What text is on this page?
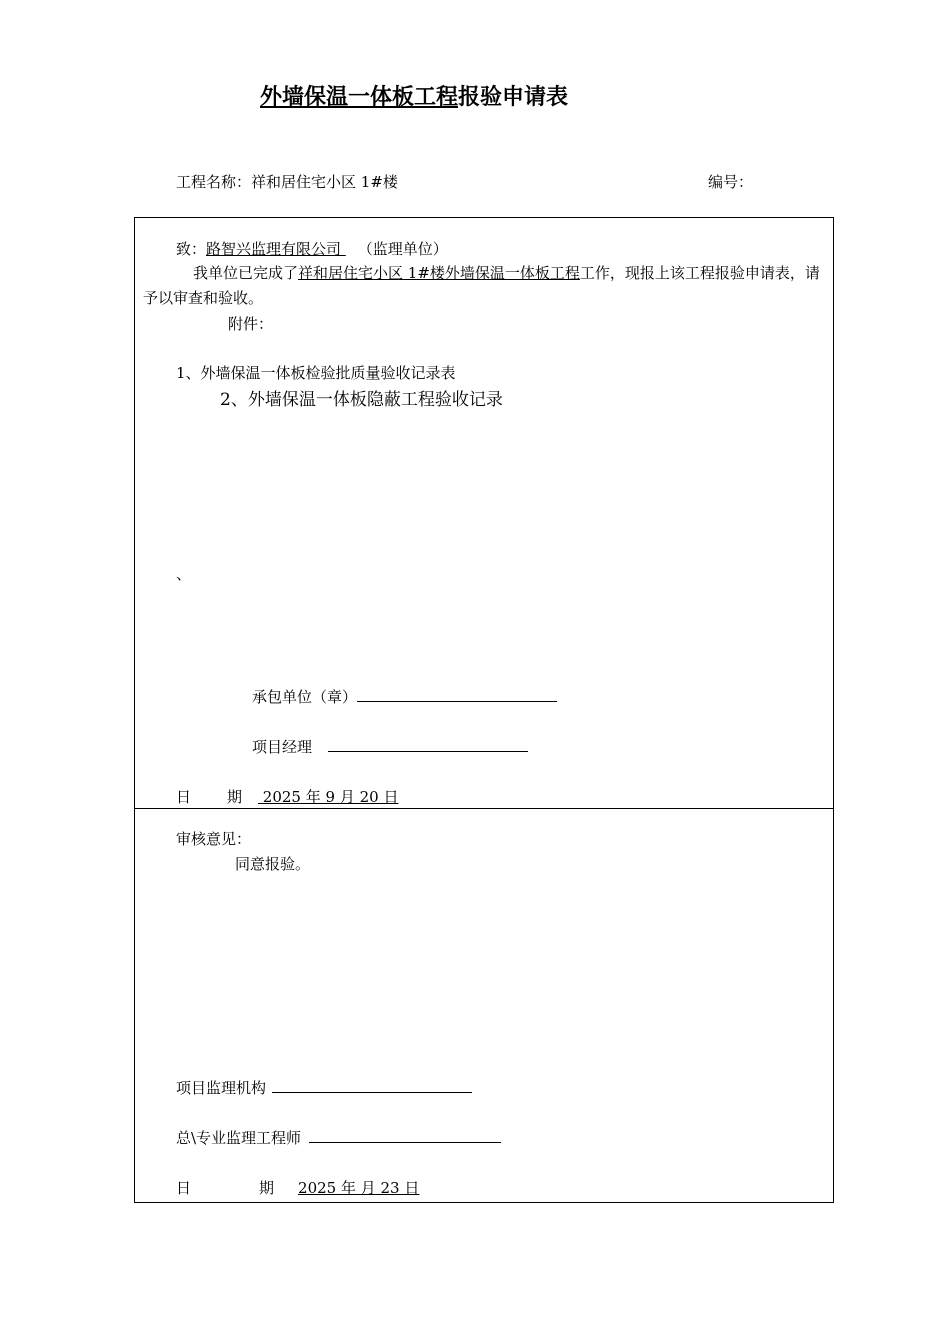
外墙保温一体板工程报验申请表
工程名称：祥和居住宅小区 1#楼	编号：
致：路智兴监理有限公司 （监理单位）
我单位已完成了祥和居住宅小区 1#楼外墙保温一体板工程工作，现报上该工程报验申请表，请予以审查和验收。
附件：
1、外墙保温一体板检验批质量验收记录表
2、外墙保温一体板隐蔽工程验收记录
、
承包单位（章）
项目经理
日 期 2025 年 9 月 20 日
审核意见：
同意报验。
项目监理机构
总\专业监理工程师
日	期 2025 年 月 23 日
